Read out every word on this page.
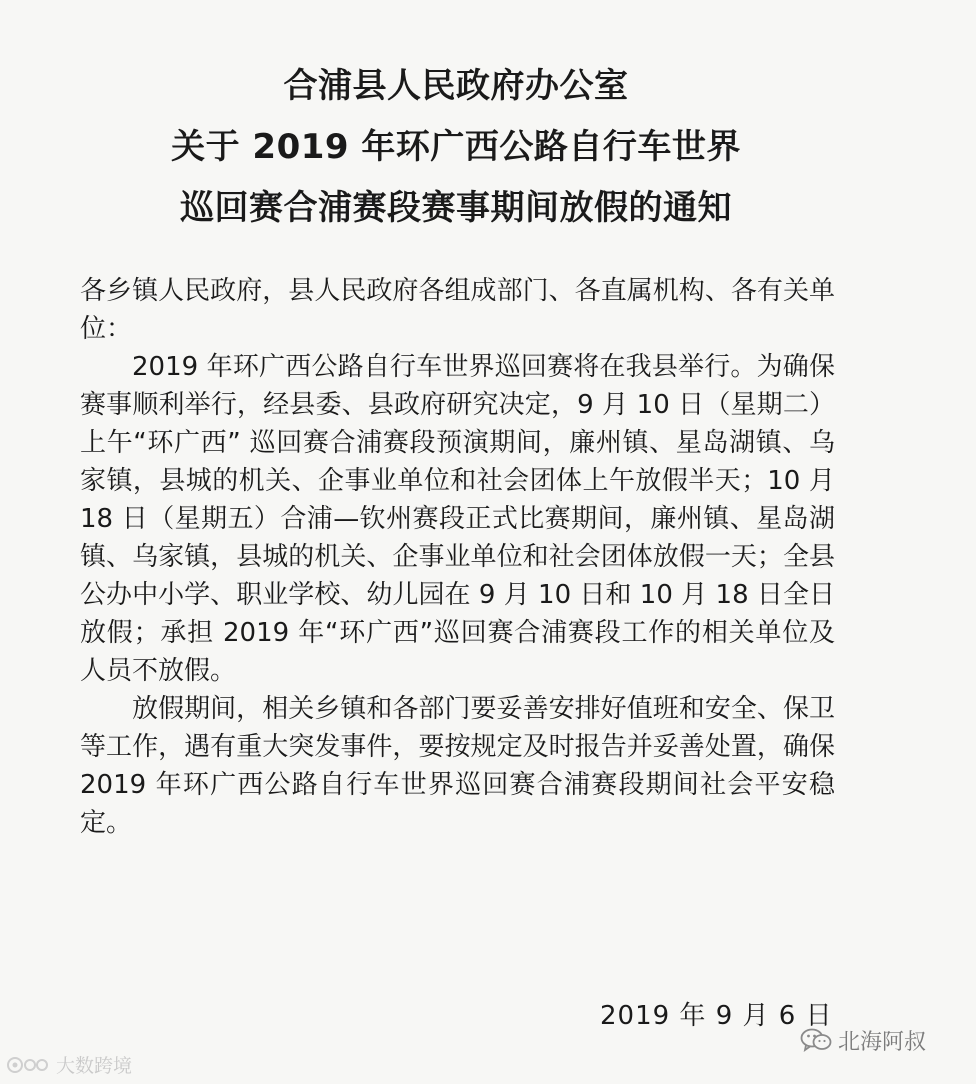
合浦县人民政府办公室
关于 2019 年环广西公路自行车世界
巡回赛合浦赛段赛事期间放假的通知

各乡镇人民政府，县人民政府各组成部门、各直属机构、各有关单位：

2019 年环广西公路自行车世界巡回赛将在我县举行。为确保赛事顺利举行，经县委、县政府研究决定，9 月 10 日（星期二）上午“环广西” 巡回赛合浦赛段预演期间，廉州镇、星岛湖镇、乌家镇，县城的机关、企事业单位和社会团体上午放假半天；10 月 18 日（星期五）合浦—钦州赛段正式比赛期间，廉州镇、星岛湖镇、乌家镇，县城的机关、企事业单位和社会团体放假一天；全县公办中小学、职业学校、幼儿园在 9 月 10 日和 10 月 18 日全日放假；承担 2019 年“环广西”巡回赛合浦赛段工作的相关单位及人员不放假。

放假期间，相关乡镇和各部门要妥善安排好值班和安全、保卫等工作，遇有重大突发事件，要按规定及时报告并妥善处置，确保 2019 年环广西公路自行车世界巡回赛合浦赛段期间社会平安稳定。

2019 年 9 月 6 日
大数跨境
北海阿叔
